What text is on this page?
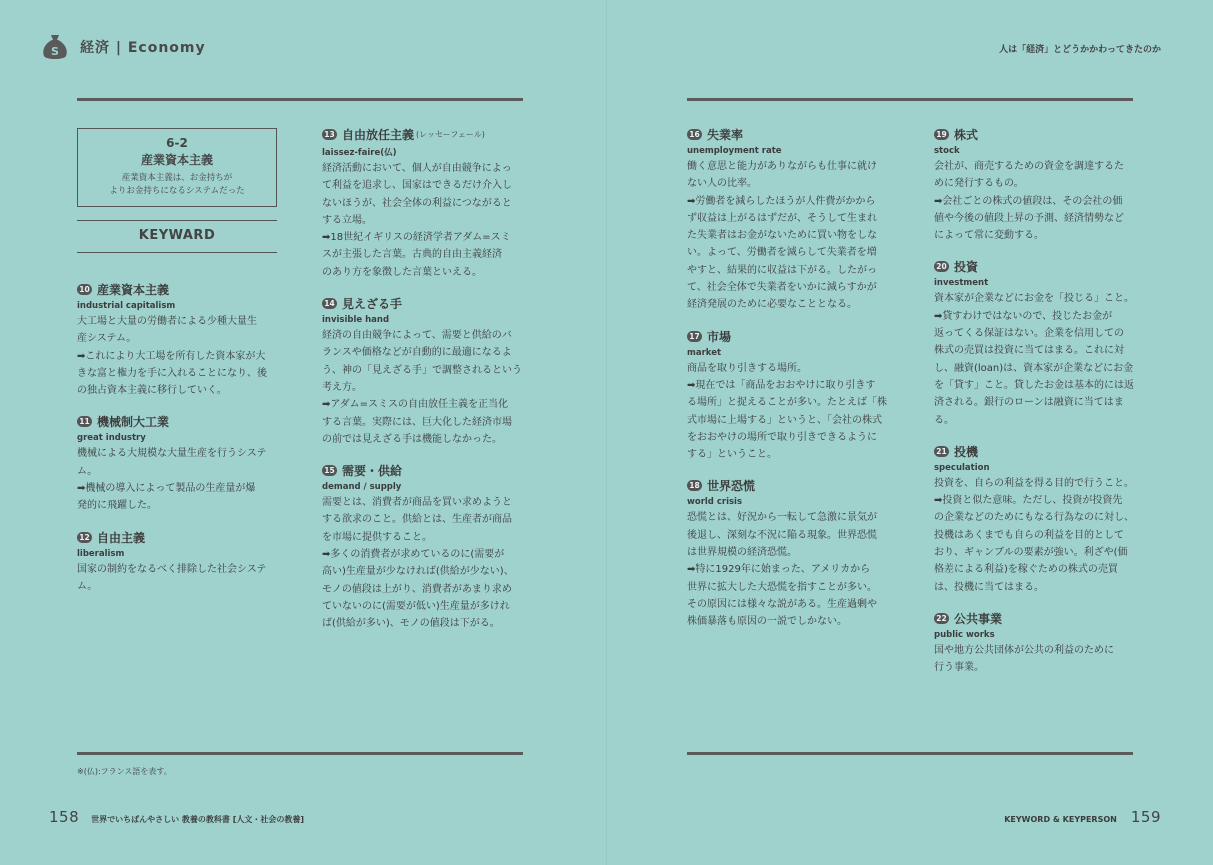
S 経済 | Economy
6-2
産業資本主義
産業資本主義は、お金持ちが
よりお金持ちになるシステムだった
KEYWARD
10 産業資本主義
industrial capitalism
大工場と大量の労働者による少種大量生
産システム。
➡これにより大工場を所有した資本家が大
きな富と権力を手に入れることになり、後
の独占資本主義に移行していく。
11 機械制大工業
great industry
機械による大規模な大量生産を行うシステ
ム。
➡機械の導入によって製品の生産量が爆
発的に飛躍した。
12 自由主義
liberalism
国家の制約をなるべく排除した社会システ
ム。
13 自由放任主義 (レッセーフェール)
laissez-faire(仏)
経済活動において、個人が自由競争によっ
て利益を追求し、国家はできるだけ介入し
ないほうが、社会全体の利益につながると
する立場。
➡18世紀イギリスの経済学者アダム=スミ
スが主張した言葉。古典的自由主義経済
のあり方を象徴した言葉といえる。
14 見えざる手
invisible hand
経済の自由競争によって、需要と供給のバ
ランスや価格などが自動的に最適になるよ
う、神の「見えざる手」で調整されるという
考え方。
➡アダム=スミスの自由放任主義を正当化
する言葉。実際には、巨大化した経済市場
の前では見えざる手は機能しなかった。
15 需要・供給
demand / supply
需要とは、消費者が商品を買い求めようと
する欲求のこと。供給とは、生産者が商品
を市場に提供すること。
➡多くの消費者が求めているのに(需要が
高い)生産量が少なければ(供給が少ない)、
モノの値段は上がり、消費者があまり求め
ていないのに(需要が低い)生産量が多けれ
ば(供給が多い)、モノの値段は下がる。
※(仏):フランス語を表す。
158 世界でいちばんやさしい 教養の教科書 [人文・社会の教養]
人は「経済」とどうかかわってきたのか
16 失業率
unemployment rate
働く意思と能力がありながらも仕事に就け
ない人の比率。
➡労働者を減らしたほうが人件費がかから
ず収益は上がるはずだが、そうして生まれ
た失業者はお金がないために買い物をしな
い。よって、労働者を減らして失業者を増
やすと、結果的に収益は下がる。したがっ
て、社会全体で失業者をいかに減らすかが
経済発展のために必要なこととなる。
17 市場
market
商品を取り引きする場所。
➡現在では「商品をおおやけに取り引きす
る場所」と捉えることが多い。たとえば「株
式市場に上場する」というと、「会社の株式
をおおやけの場所で取り引きできるように
する」ということ。
18 世界恐慌
world crisis
恐慌とは、好況から一転して急激に景気が
後退し、深刻な不況に陥る現象。世界恐慌
は世界規模の経済恐慌。
➡特に1929年に始まった、アメリカから
世界に拡大した大恐慌を指すことが多い。
その原因には様々な説がある。生産過剰や
株価暴落も原因の一説でしかない。
19 株式
stock
会社が、商売するための資金を調達するた
めに発行するもの。
➡会社ごとの株式の値段は、その会社の価
値や今後の値段上昇の予測、経済情勢など
によって常に変動する。
20 投資
investment
資本家が企業などにお金を「投じる」こと。
➡貸すわけではないので、投じたお金が
返ってくる保証はない。企業を信用しての
株式の売買は投資に当てはまる。これに対
し、融資(loan)は、資本家が企業などにお金
を「貸す」こと。貸したお金は基本的には返
済される。銀行のローンは融資に当てはま
る。
21 投機
speculation
投資を、自らの利益を得る目的で行うこと。
➡投資と似た意味。ただし、投資が投資先
の企業などのためにもなる行為なのに対し、
投機はあくまでも自らの利益を目的として
おり、ギャンブルの要素が強い。利ざや(価
格差による利益)を稼ぐための株式の売買
は、投機に当てはまる。
22 公共事業
public works
国や地方公共団体が公共の利益のために
行う事業。
KEYWORD & KEYPERSON 159
